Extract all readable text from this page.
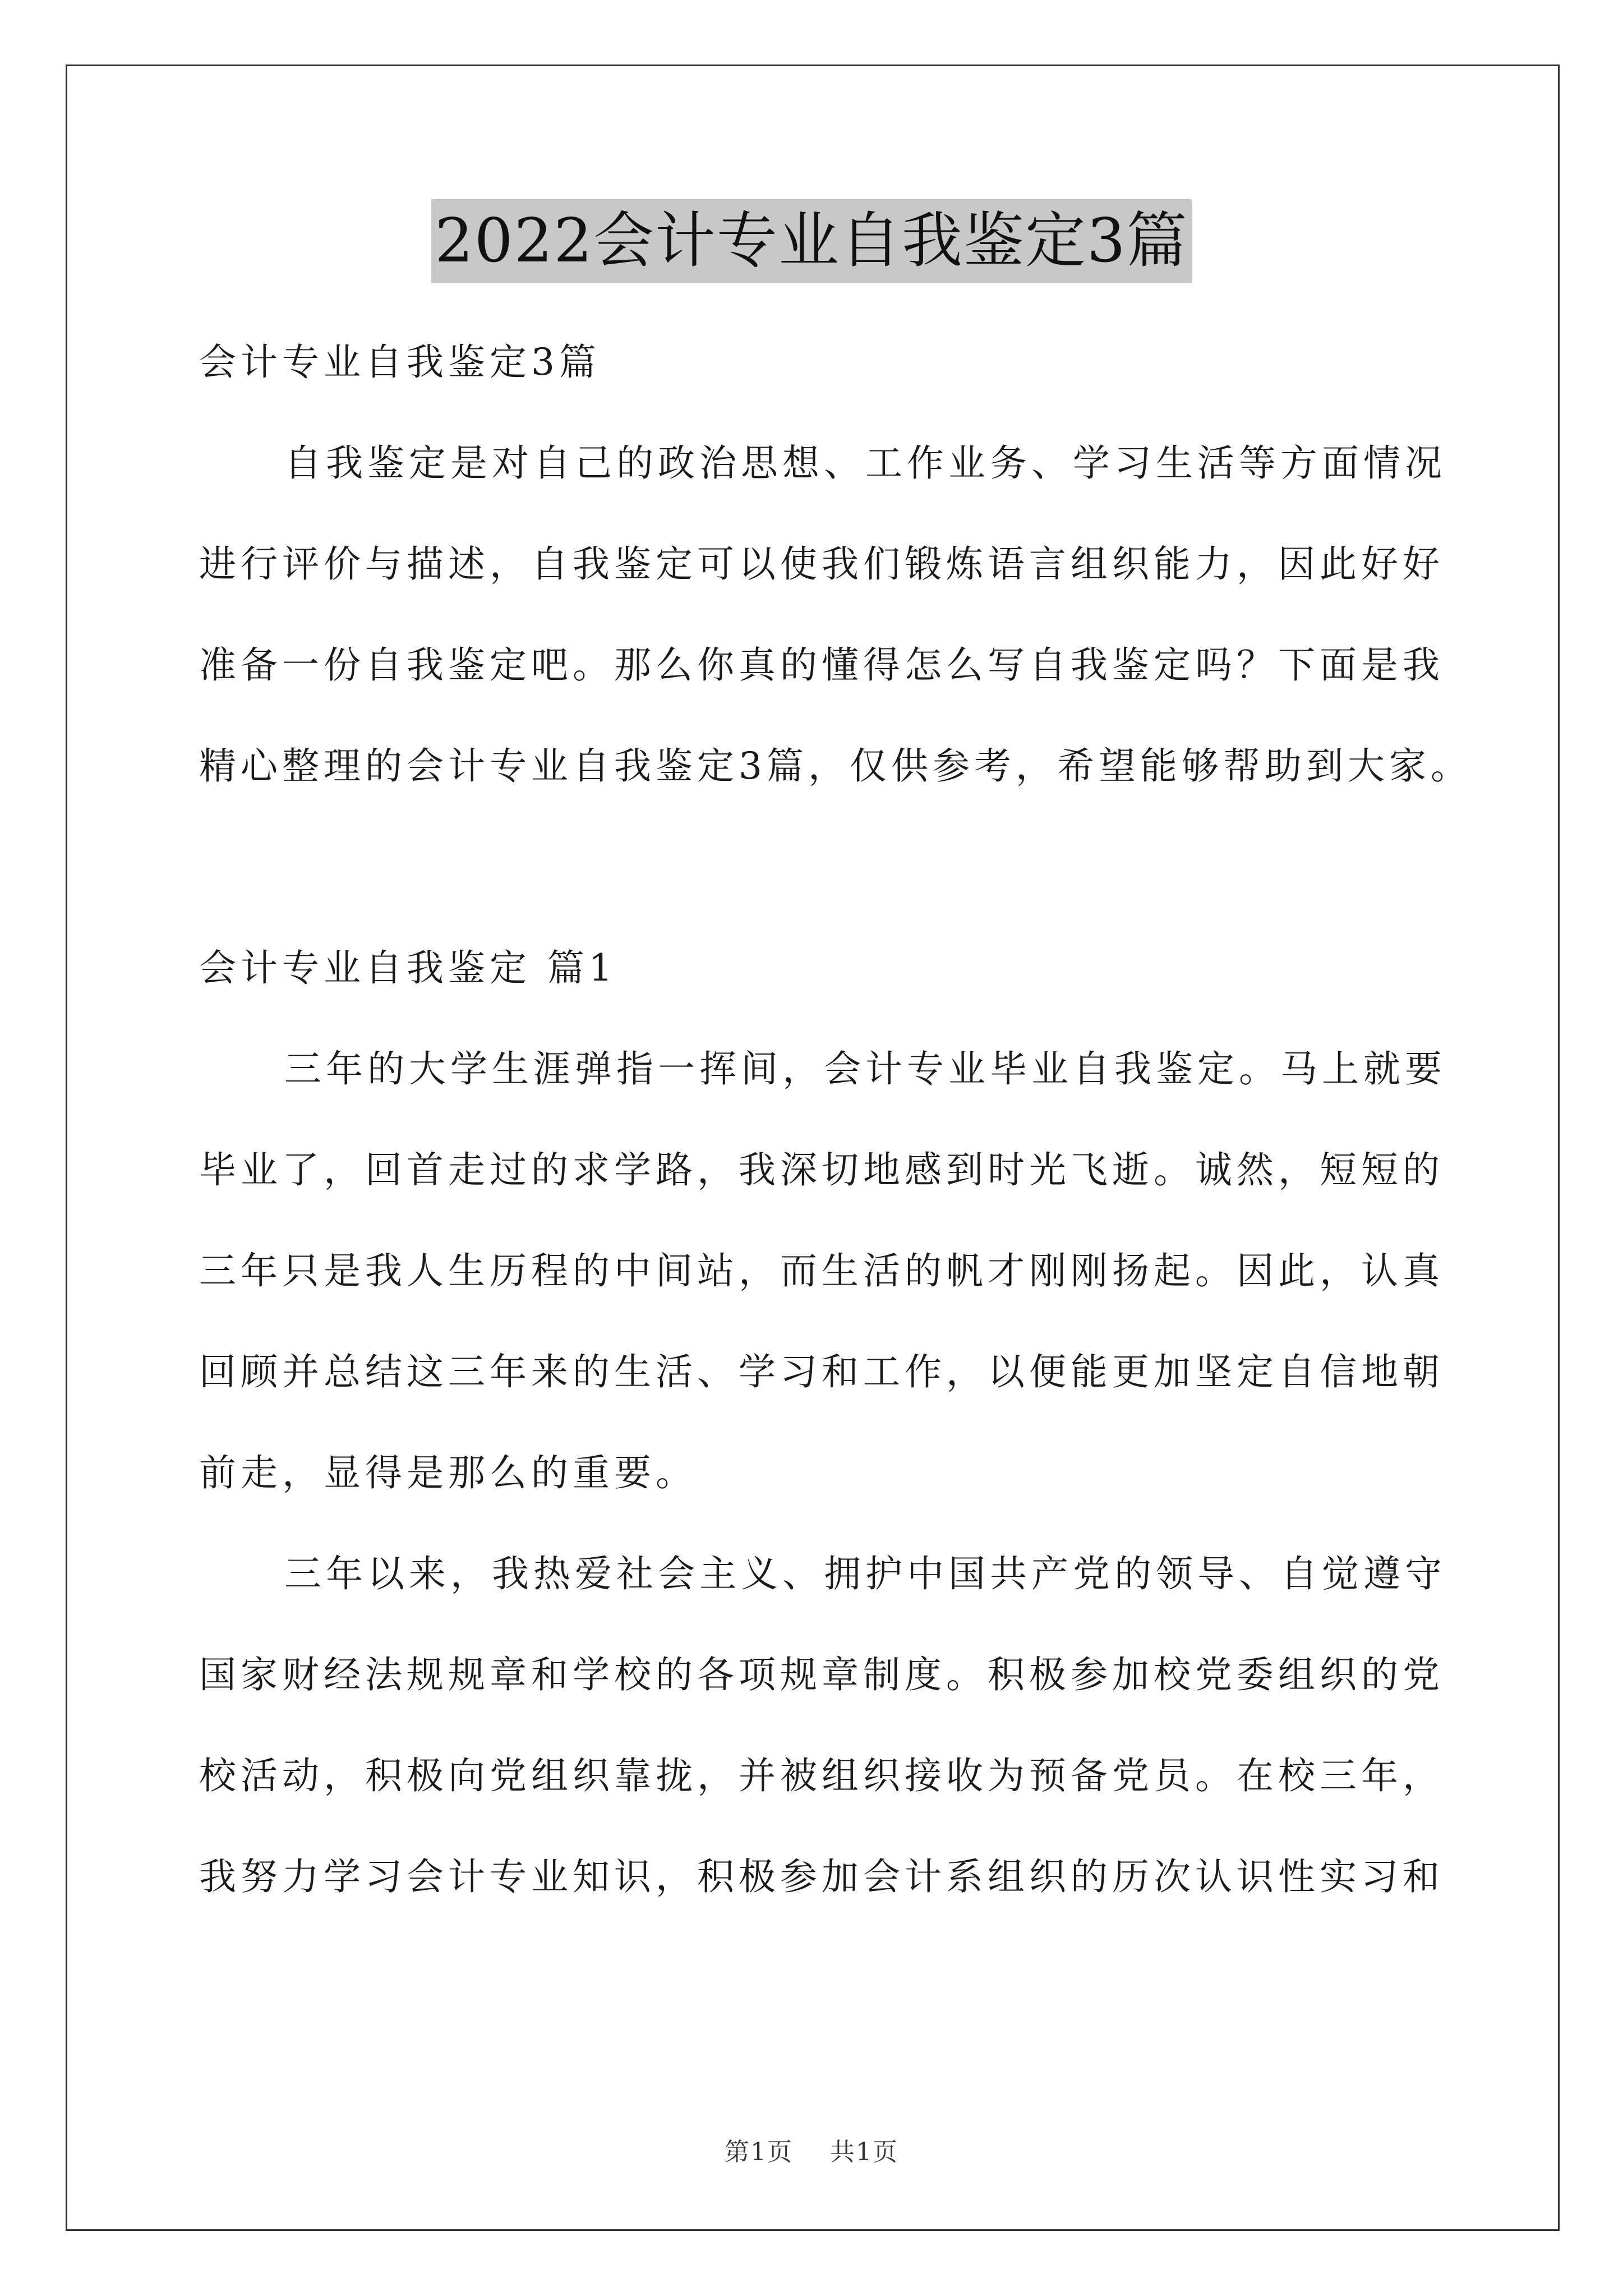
2022会计专业自我鉴定3篇

会计专业自我鉴定3篇

自我鉴定是对自己的政治思想、工作业务、学习生活等方面情况

进行评价与描述，自我鉴定可以使我们锻炼语言组织能力，因此好好

准备一份自我鉴定吧。那么你真的懂得怎么写自我鉴定吗？下面是我

精心整理的会计专业自我鉴定3篇，仅供参考，希望能够帮助到大家。

会计专业自我鉴定 篇1

三年的大学生涯弹指一挥间，会计专业毕业自我鉴定。马上就要

毕业了，回首走过的求学路，我深切地感到时光飞逝。诚然，短短的

三年只是我人生历程的中间站，而生活的帆才刚刚扬起。因此，认真

回顾并总结这三年来的生活、学习和工作，以便能更加坚定自信地朝

前走，显得是那么的重要。

三年以来，我热爱社会主义、拥护中国共产党的领导、自觉遵守

国家财经法规规章和学校的各项规章制度。积极参加校党委组织的党

校活动，积极向党组织靠拢，并被组织接收为预备党员。在校三年，

我努力学习会计专业知识，积极参加会计系组织的历次认识性实习和

第1页 共1页
